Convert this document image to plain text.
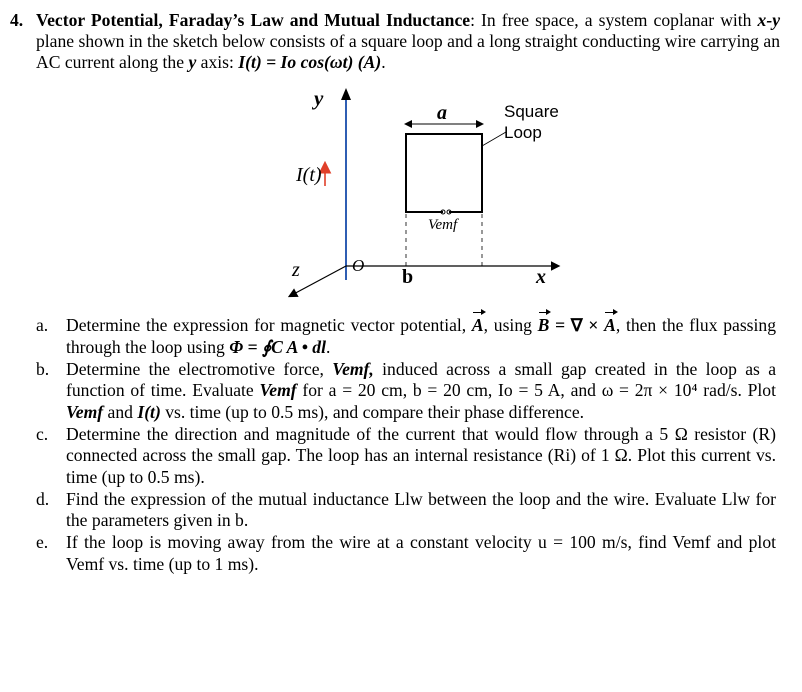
4. Vector Potential, Faraday’s Law and Mutual Inductance: In free space, a system coplanar with x-y plane shown in the sketch below consists of a square loop and a long straight conducting wire carrying an AC current along the y axis: I(t) = Io cos(ωt) (A).
y
I(t)
a	Square
Loop
Vemf
z	O
b	x
a. Determine the expression for magnetic vector potential, A, using B = ∇ × A, then the flux passing through the loop using Φ = ∮C A • dl.
b. Determine the electromotive force, Vemf, induced across a small gap created in the loop as a function of time. Evaluate Vemf for a = 20 cm, b = 20 cm, Io = 5 A, and ω = 2π × 10⁴ rad/s. Plot Vemf and I(t) vs. time (up to 0.5 ms), and compare their phase difference.
c. Determine the direction and magnitude of the current that would flow through a 5 Ω resistor (R) connected across the small gap. The loop has an internal resistance (Ri) of 1 Ω. Plot this current vs. time (up to 0.5 ms).
d. Find the expression of the mutual inductance Llw between the loop and the wire. Evaluate Llw for the parameters given in b.
e. If the loop is moving away from the wire at a constant velocity u = 100 m/s, find Vemf and plot Vemf vs. time (up to 1 ms).
